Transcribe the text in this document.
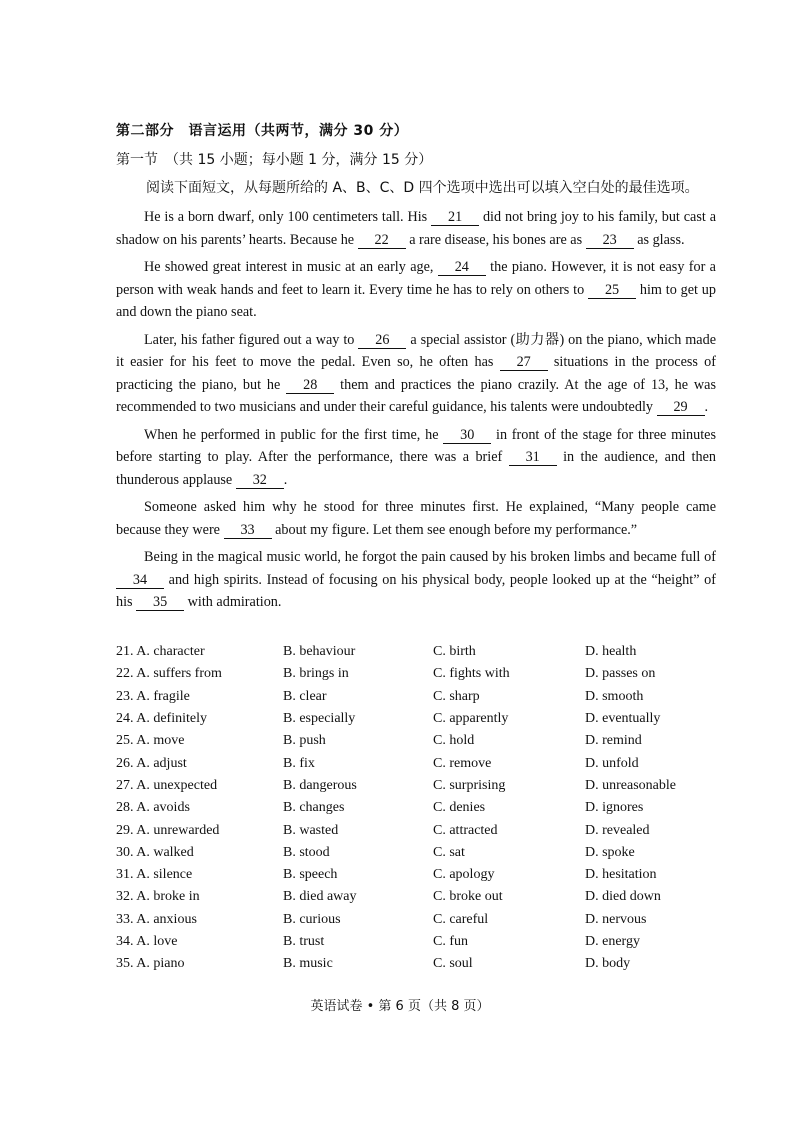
第二部分　语言运用（共两节，满分 30 分）
第一节　（共 15 小题；每小题 1 分，满分 15 分）
阅读下面短文，从每题所给的 A、B、C、D 四个选项中选出可以填入空白处的最佳选项。

He is a born dwarf, only 100 centimeters tall. His 21 did not bring joy to his family, but cast a shadow on his parents’ hearts. Because he 22 a rare disease, his bones are as 23 as glass.

He showed great interest in music at an early age, 24 the piano. However, it is not easy for a person with weak hands and feet to learn it. Every time he has to rely on others to 25 him to get up and down the piano seat.

Later, his father figured out a way to 26 a special assistor (助力器) on the piano, which made it easier for his feet to move the pedal. Even so, he often has 27 situations in the process of practicing the piano, but he 28 them and practices the piano crazily. At the age of 13, he was recommended to two musicians and under their careful guidance, his talents were undoubtedly 29 .

When he performed in public for the first time, he 30 in front of the stage for three minutes before starting to play. After the performance, there was a brief 31 in the audience, and then thunderous applause 32 .

Someone asked him why he stood for three minutes first. He explained, “Many people came because they were 33 about my figure. Let them see enough before my performance.”

Being in the magical music world, he forgot the pain caused by his broken limbs and became full of 34 and high spirits. Instead of focusing on his physical body, people looked up at the “height” of his 35 with admiration.

21. A. character	B. behaviour	C. birth	D. health
22. A. suffers from	B. brings in	C. fights with	D. passes on
23. A. fragile	B. clear	C. sharp	D. smooth
24. A. definitely	B. especially	C. apparently	D. eventually
25. A. move	B. push	C. hold	D. remind
26. A. adjust	B. fix	C. remove	D. unfold
27. A. unexpected	B. dangerous	C. surprising	D. unreasonable
28. A. avoids	B. changes	C. denies	D. ignores
29. A. unrewarded	B. wasted	C. attracted	D. revealed
30. A. walked	B. stood	C. sat	D. spoke
31. A. silence	B. speech	C. apology	D. hesitation
32. A. broke in	B. died away	C. broke out	D. died down
33. A. anxious	B. curious	C. careful	D. nervous
34. A. love	B. trust	C. fun	D. energy
35. A. piano	B. music	C. soul	D. body
英语试卷 • 第 6 页（共 8 页）
